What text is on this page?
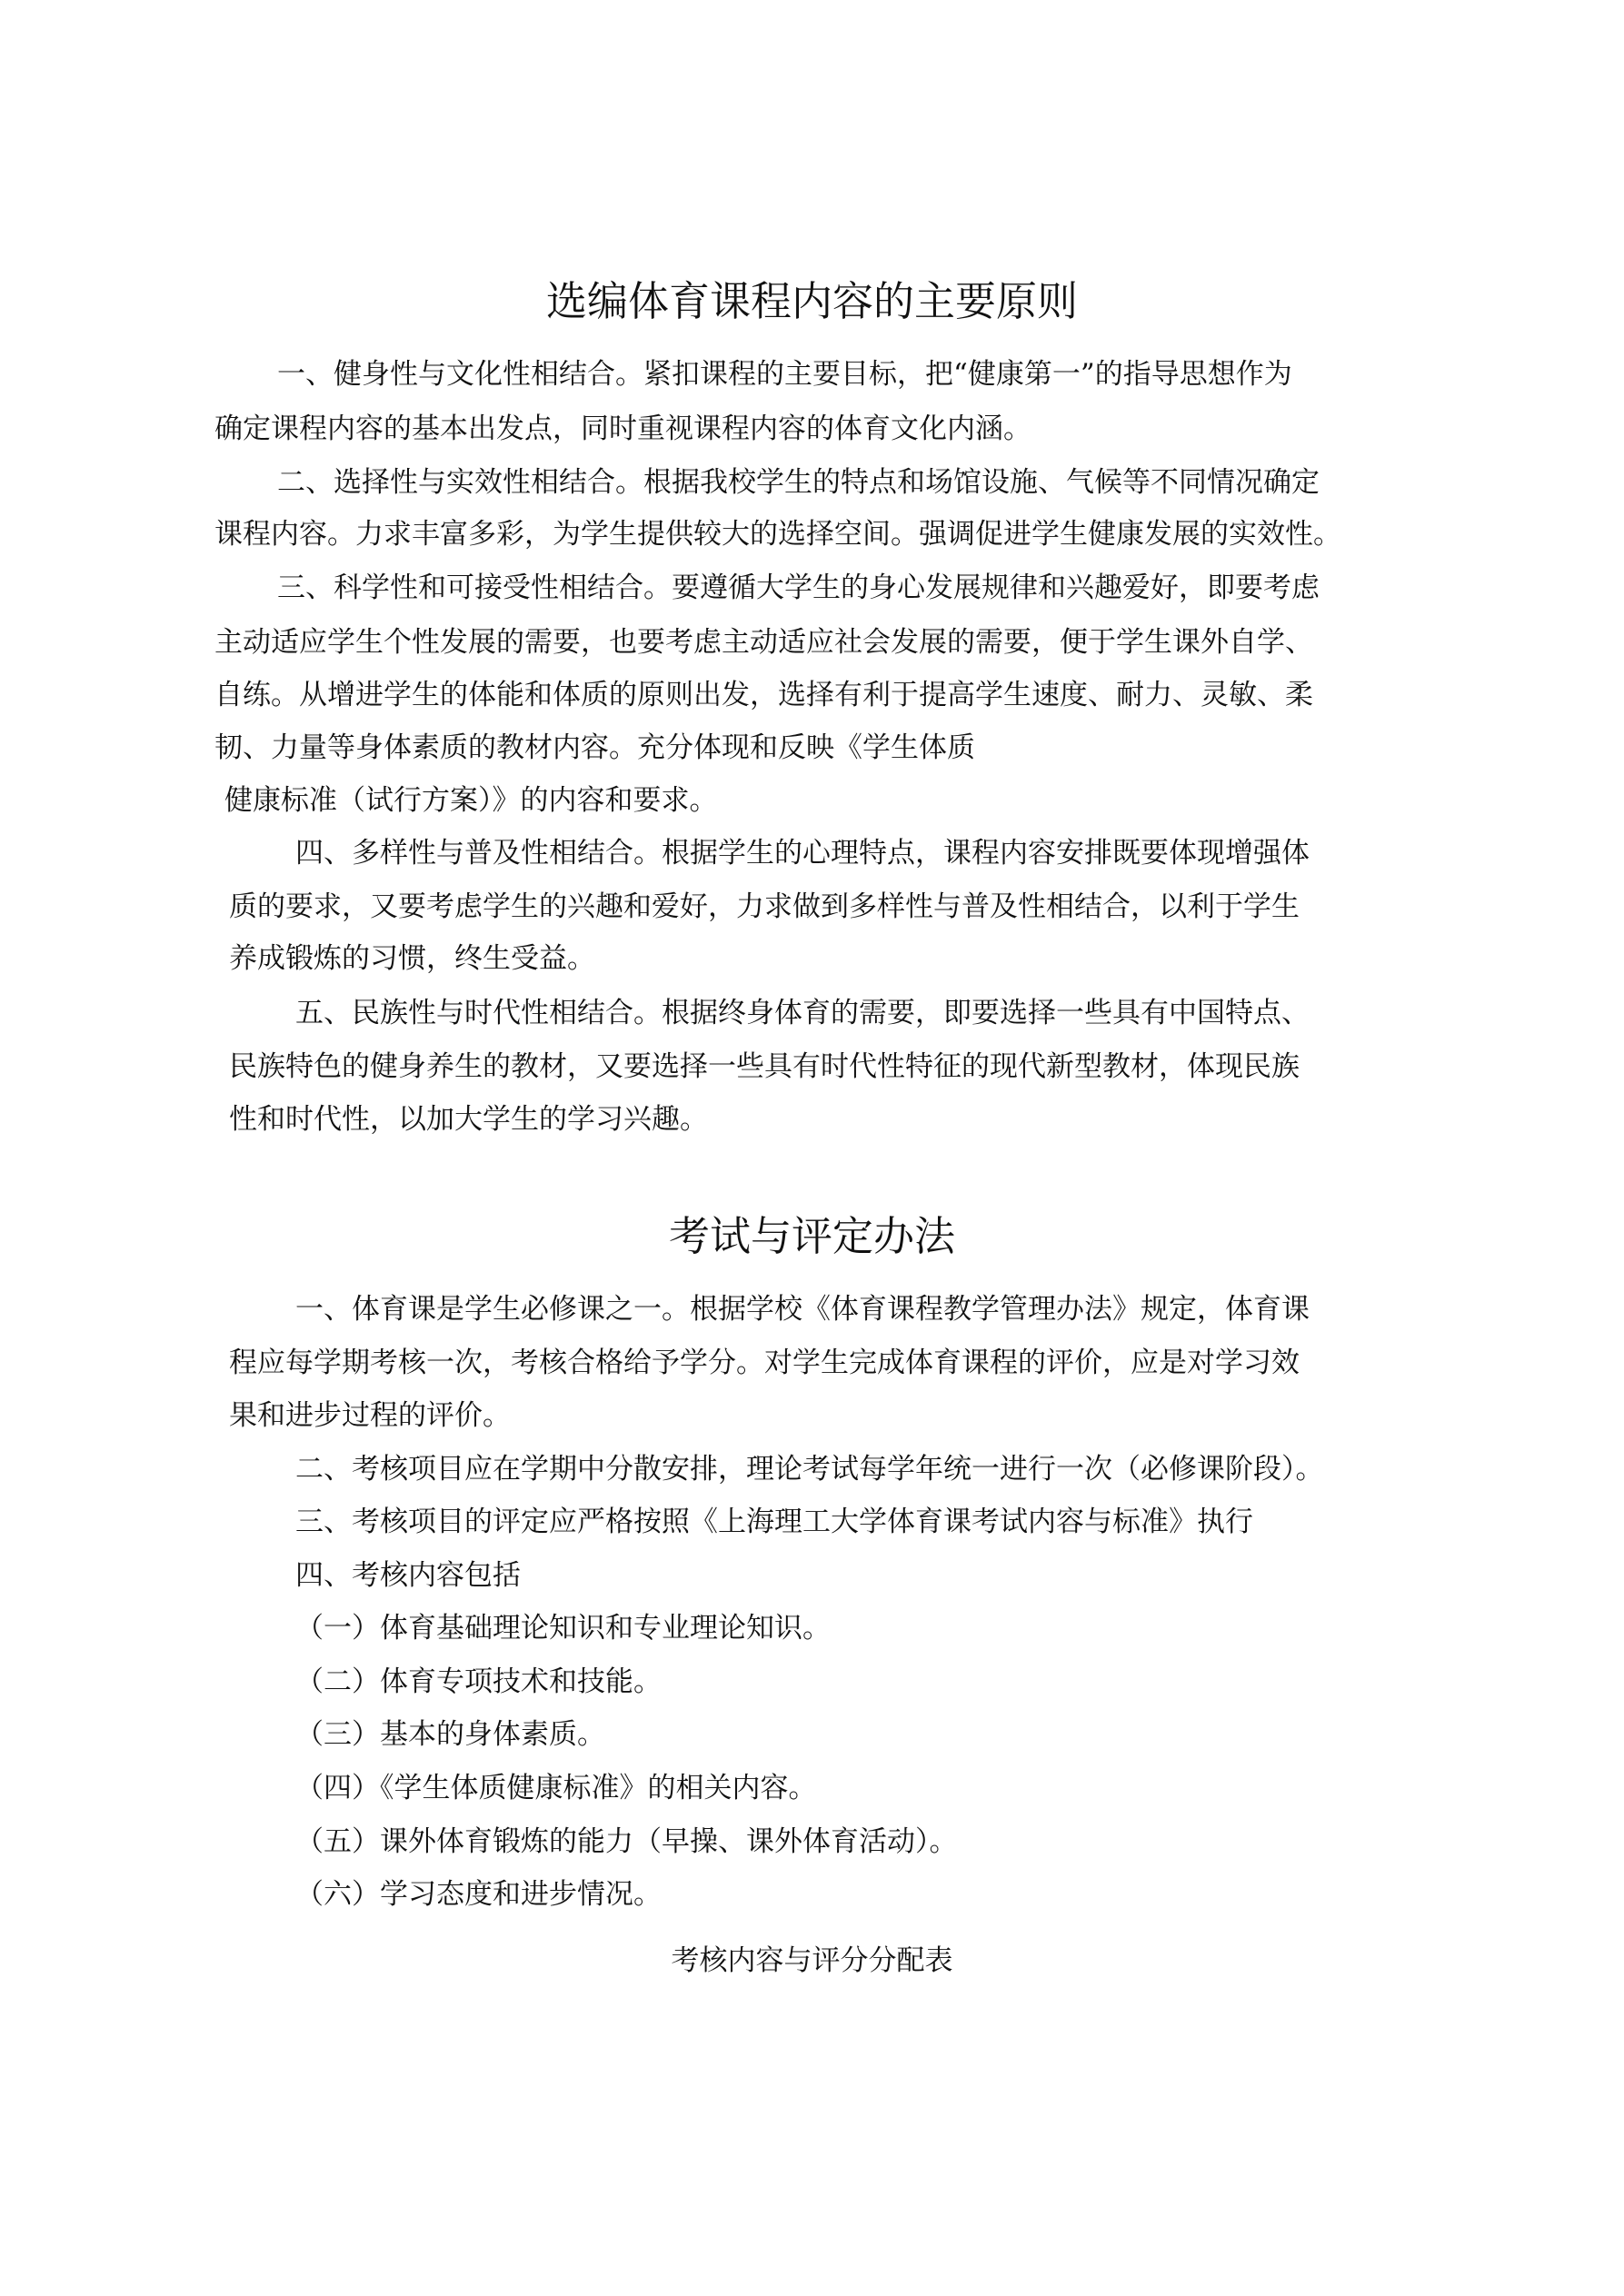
选编体育课程内容的主要原则
一、健身性与文化性相结合。紧扣课程的主要目标，把“健康第一”的指导思想作为
确定课程内容的基本出发点，同时重视课程内容的体育文化内涵。
二、选择性与实效性相结合。根据我校学生的特点和场馆设施、气候等不同情况确定
课程内容。力求丰富多彩，为学生提供较大的选择空间。强调促进学生健康发展的实效性。
三、科学性和可接受性相结合。要遵循大学生的身心发展规律和兴趣爱好，即要考虑
主动适应学生个性发展的需要，也要考虑主动适应社会发展的需要，便于学生课外自学、
自练。从增进学生的体能和体质的原则出发，选择有利于提高学生速度、耐力、灵敏、柔
韧、力量等身体素质的教材内容。充分体现和反映《学生体质
健康标准（试行方案）》的内容和要求。
四、多样性与普及性相结合。根据学生的心理特点，课程内容安排既要体现增强体
质的要求，又要考虑学生的兴趣和爱好，力求做到多样性与普及性相结合，以利于学生
养成锻炼的习惯，终生受益。
五、民族性与时代性相结合。根据终身体育的需要，即要选择一些具有中国特点、
民族特色的健身养生的教材，又要选择一些具有时代性特征的现代新型教材，体现民族
性和时代性，以加大学生的学习兴趣。
考试与评定办法
一、体育课是学生必修课之一。根据学校《体育课程教学管理办法》规定，体育课
程应每学期考核一次，考核合格给予学分。对学生完成体育课程的评价，应是对学习效
果和进步过程的评价。
二、考核项目应在学期中分散安排，理论考试每学年统一进行一次（必修课阶段）。
三、考核项目的评定应严格按照《上海理工大学体育课考试内容与标准》执行
四、考核内容包括
（一）体育基础理论知识和专业理论知识。
（二）体育专项技术和技能。
（三）基本的身体素质。
（四）《学生体质健康标准》的相关内容。
（五）课外体育锻炼的能力（早操、课外体育活动）。
（六）学习态度和进步情况。
考核内容与评分分配表
